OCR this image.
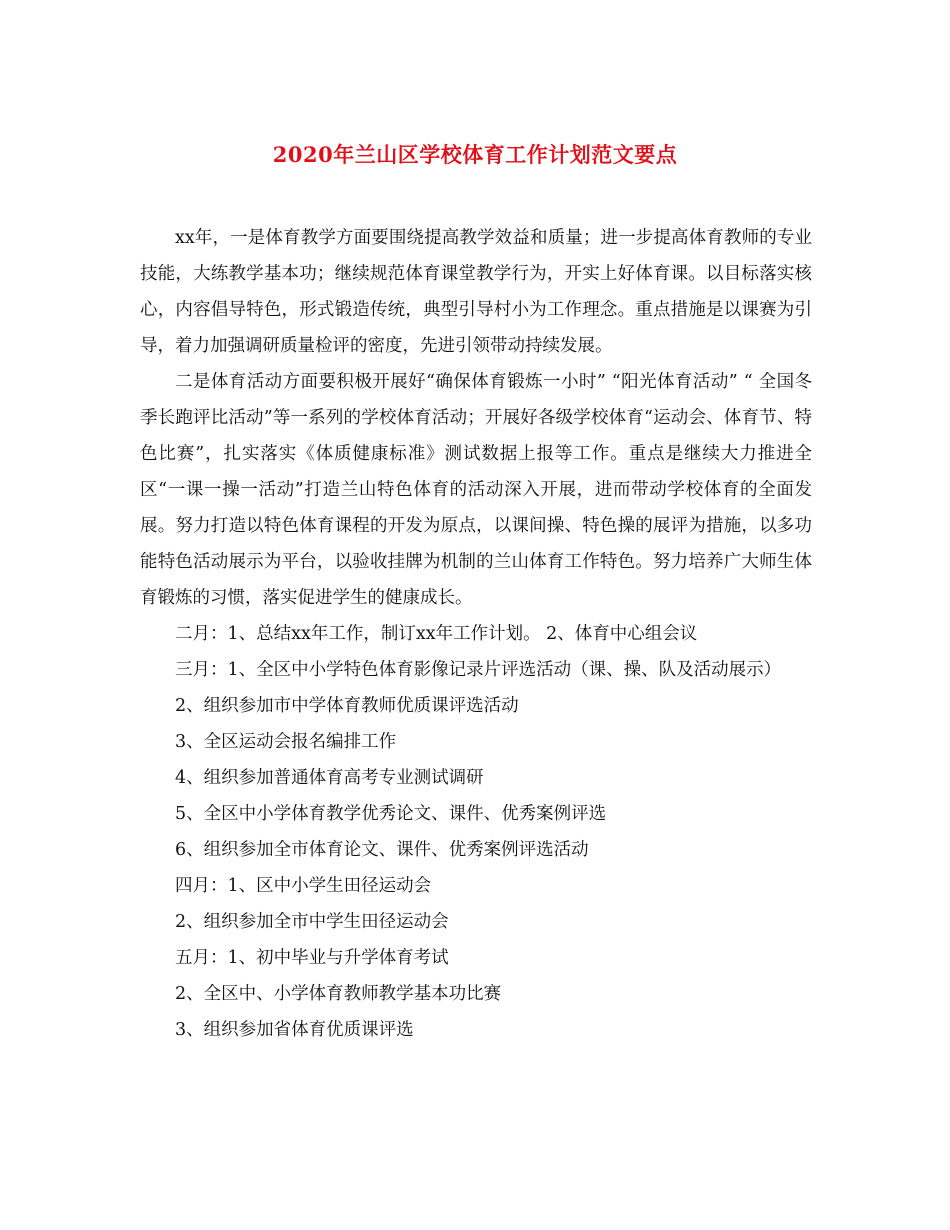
2020年兰山区学校体育工作计划范文要点

xx年，一是体育教学方面要围绕提高教学效益和质量；进一步提高体育教师的专业技能，大练教学基本功；继续规范体育课堂教学行为，开实上好体育课。以目标落实核心，内容倡导特色，形式锻造传统，典型引导村小为工作理念。重点措施是以课赛为引导，着力加强调研质量检评的密度，先进引领带动持续发展。

二是体育活动方面要积极开展好“确保体育锻炼一小时” “阳光体育活动” “ 全国冬季长跑评比活动”等一系列的学校体育活动；开展好各级学校体育“运动会、体育节、特色比赛”，扎实落实《体质健康标准》测试数据上报等工作。重点是继续大力推进全区“一课一操一活动”打造兰山特色体育的活动深入开展，进而带动学校体育的全面发展。努力打造以特色体育课程的开发为原点，以课间操、特色操的展评为措施，以多功能特色活动展示为平台，以验收挂牌为机制的兰山体育工作特色。努力培养广大师生体育锻炼的习惯，落实促进学生的健康成长。

二月：1、总结xx年工作，制订xx年工作计划。 2、体育中心组会议

三月：1、全区中小学特色体育影像记录片评选活动（课、操、队及活动展示）

2、组织参加市中学体育教师优质课评选活动

3、全区运动会报名编排工作

4、组织参加普通体育高考专业测试调研

5、全区中小学体育教学优秀论文、课件、优秀案例评选

6、组织参加全市体育论文、课件、优秀案例评选活动

四月：1、区中小学生田径运动会

2、组织参加全市中学生田径运动会

五月：1、初中毕业与升学体育考试

2、全区中、小学体育教师教学基本功比赛

3、组织参加省体育优质课评选
